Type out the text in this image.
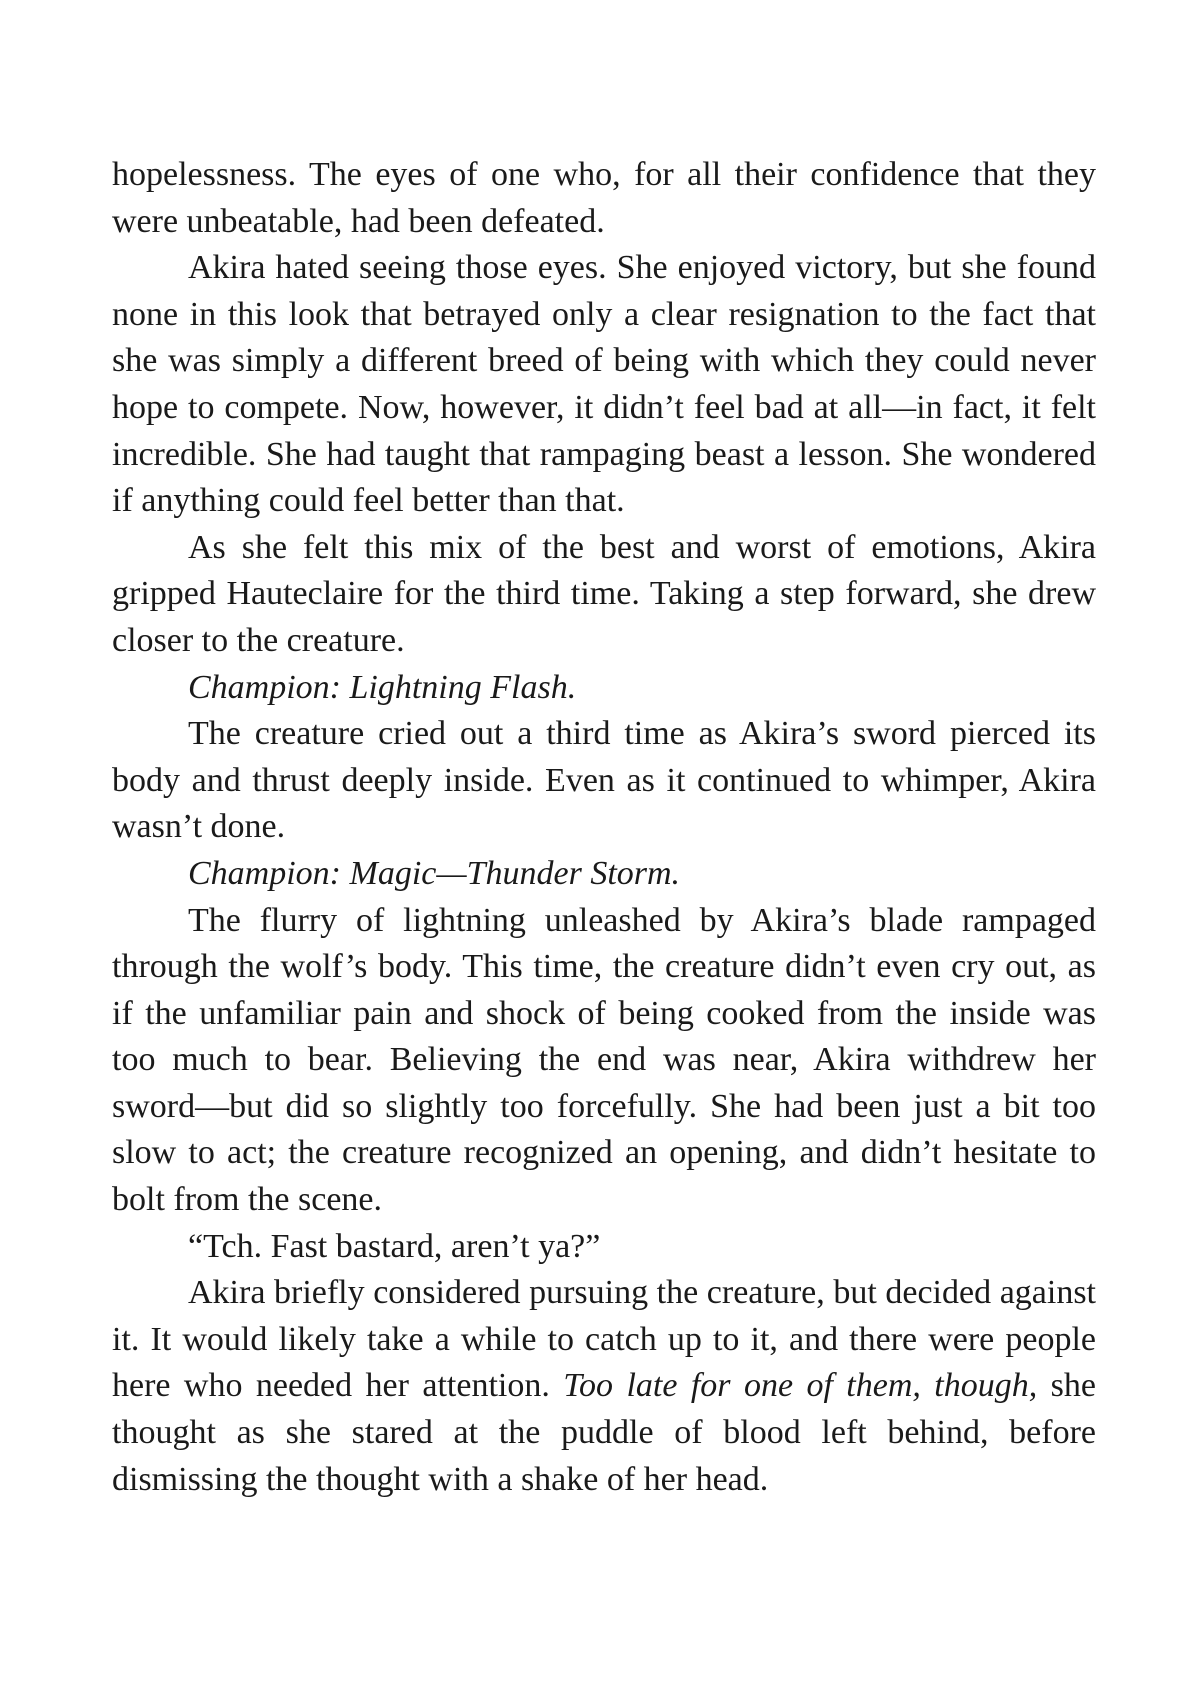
hopelessness. The eyes of one who, for all their confidence that they were unbeatable, had been defeated.

Akira hated seeing those eyes. She enjoyed victory, but she found none in this look that betrayed only a clear resignation to the fact that she was simply a different breed of being with which they could never hope to compete. Now, however, it didn’t feel bad at all—in fact, it felt incredible. She had taught that rampaging beast a lesson. She wondered if anything could feel better than that.

As she felt this mix of the best and worst of emotions, Akira gripped Hauteclaire for the third time. Taking a step forward, she drew closer to the creature.

Champion: Lightning Flash.

The creature cried out a third time as Akira’s sword pierced its body and thrust deeply inside. Even as it continued to whimper, Akira wasn’t done.

Champion: Magic—Thunder Storm.

The flurry of lightning unleashed by Akira’s blade rampaged through the wolf’s body. This time, the creature didn’t even cry out, as if the unfamiliar pain and shock of being cooked from the inside was too much to bear. Believing the end was near, Akira withdrew her sword—but did so slightly too forcefully. She had been just a bit too slow to act; the creature recognized an opening, and didn’t hesitate to bolt from the scene.

“Tch. Fast bastard, aren’t ya?”

Akira briefly considered pursuing the creature, but decided against it. It would likely take a while to catch up to it, and there were people here who needed her attention. Too late for one of them, though, she thought as she stared at the puddle of blood left behind, before dismissing the thought with a shake of her head.
